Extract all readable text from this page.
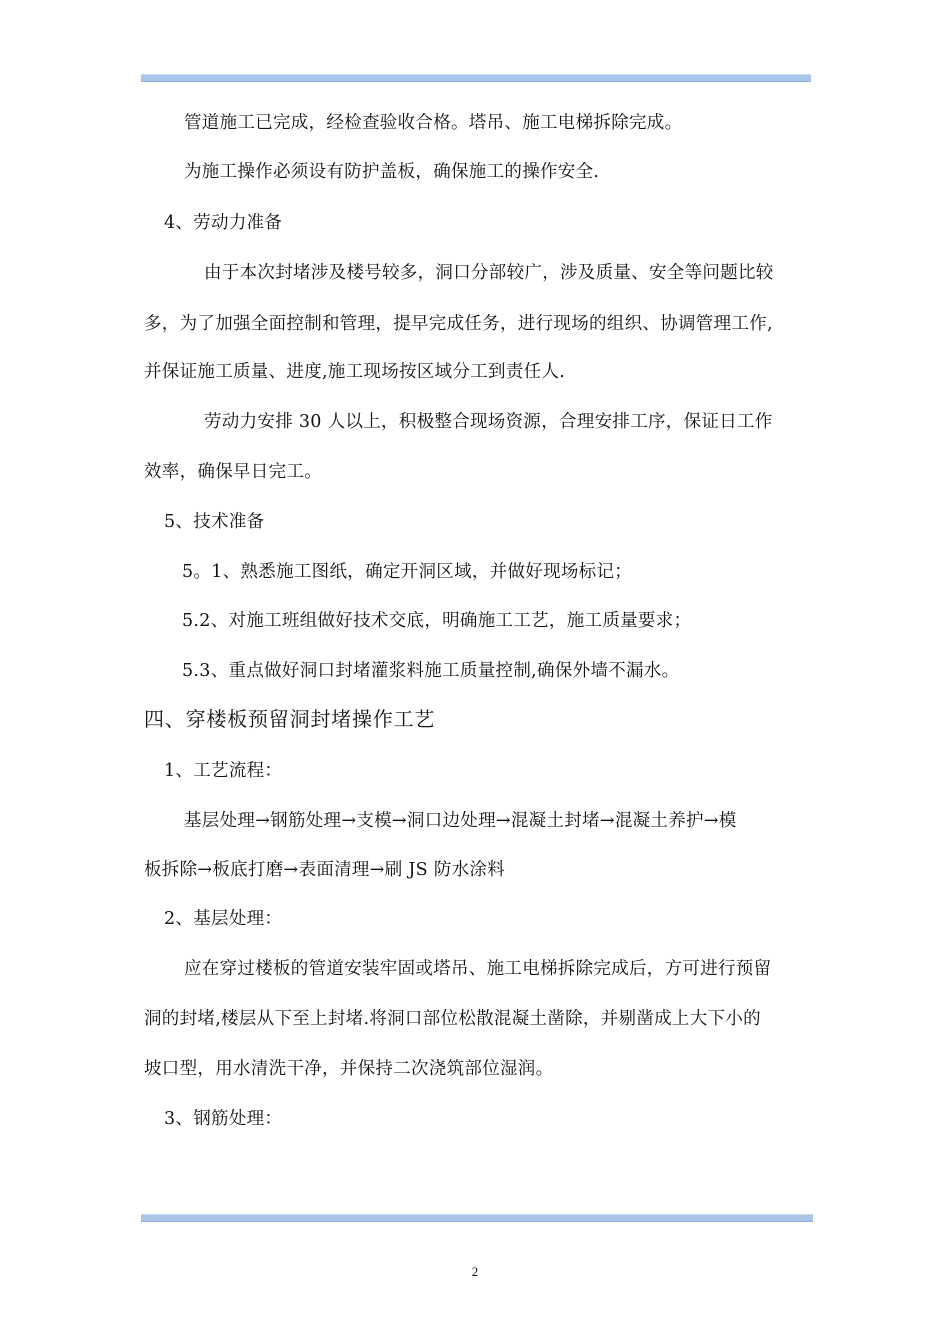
管道施工已完成，经检查验收合格。塔吊、施工电梯拆除完成。
为施工操作必须设有防护盖板，确保施工的操作安全.
4、劳动力准备
由于本次封堵涉及楼号较多，洞口分部较广，涉及质量、安全等问题比较
多，为了加强全面控制和管理，提早完成任务，进行现场的组织、协调管理工作,
并保证施工质量、进度,施工现场按区域分工到责任人.
劳动力安排 30 人以上，积极整合现场资源，合理安排工序，保证日工作
效率，确保早日完工。
5、技术准备
5。1、熟悉施工图纸，确定开洞区域，并做好现场标记；
5.2、对施工班组做好技术交底，明确施工工艺，施工质量要求；
5.3、重点做好洞口封堵灌浆料施工质量控制,确保外墙不漏水。
四、穿楼板预留洞封堵操作工艺
1、工艺流程：
基层处理→钢筋处理→支模→洞口边处理→混凝土封堵→混凝土养护→模
板拆除→板底打磨→表面清理→刷 JS 防水涂料
2、基层处理：
应在穿过楼板的管道安装牢固或塔吊、施工电梯拆除完成后，方可进行预留
洞的封堵,楼层从下至上封堵.将洞口部位松散混凝土凿除，并剔凿成上大下小的
坡口型，用水清洗干净，并保持二次浇筑部位湿润。
3、钢筋处理：
2
